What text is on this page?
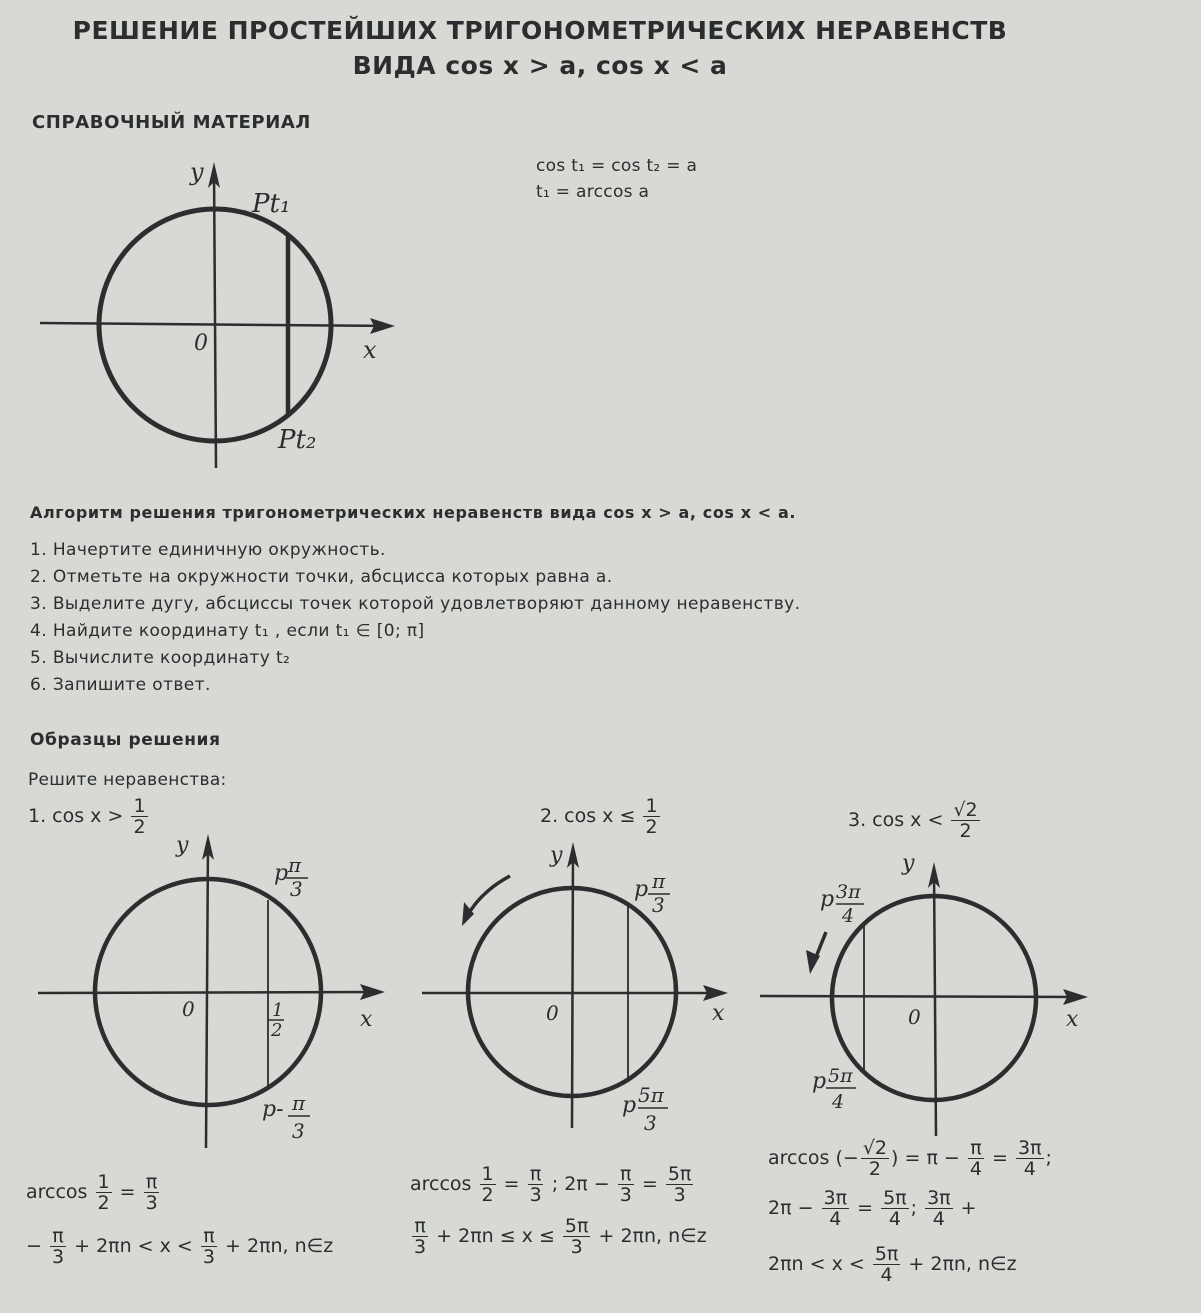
РЕШЕНИЕ ПРОСТЕЙШИХ ТРИГОНОМЕТРИЧЕСКИХ НЕРАВЕНСТВ
ВИДА cos x > a, cos x < a
СПРАВОЧНЫЙ МАТЕРИАЛ
y
x
0
Pt₁
Pt₂
cos t₁ = cos t₂ = a
t₁ = arccos a
Алгоритм решения тригонометрических неравенств вида cos x > a, cos x < a.
1. Начертите единичную окружность.
2. Отметьте на окружности точки, абсцисса которых равна а.
3. Выделите дугу, абсциссы точек которой удовлетворяют данному неравенству.
4. Найдите координату t₁ , если t₁ ∈ [0; π]
5. Вычислите координату t₂
6. Запишите ответ.
Образцы решения
Решите неравенства:
1. $\cos x > \frac{1}{2}$	2. $\cos x \le \frac{1}{2}$	3. $\cos x < \frac{√2}{2}$
y
x
0
p π
3
1
2
p- π
3
y
x
0
p π
3
p 5π
3
y
x
0
p 3π
4
p 5π
4
$\arccos \frac{1}{2} = \frac{\pi}{3}$
− $\frac{\pi}{3} + 2\pi n < x < \frac{\pi}{3} + 2\pi n$, n∈z
$\arccos \frac{1}{2} = \frac{\pi}{3}$ ; $2\pi - \frac{\pi}{3} = \frac{5\pi}{3}$
$\frac{\pi}{3} + 2\pi n \le x \le \frac{5\pi}{3} + 2\pi n$, n∈z
arccos (− $\frac{√2}{2}$ ) = $\pi - \frac{\pi}{4} = \frac{3\pi}{4}$ ;
$2\pi - \frac{3\pi}{4} = \frac{5\pi}{4}$ ; $\frac{3\pi}{4}$ +
$2\pi n < x < \frac{5\pi}{4} + 2\pi n$, n∈z
